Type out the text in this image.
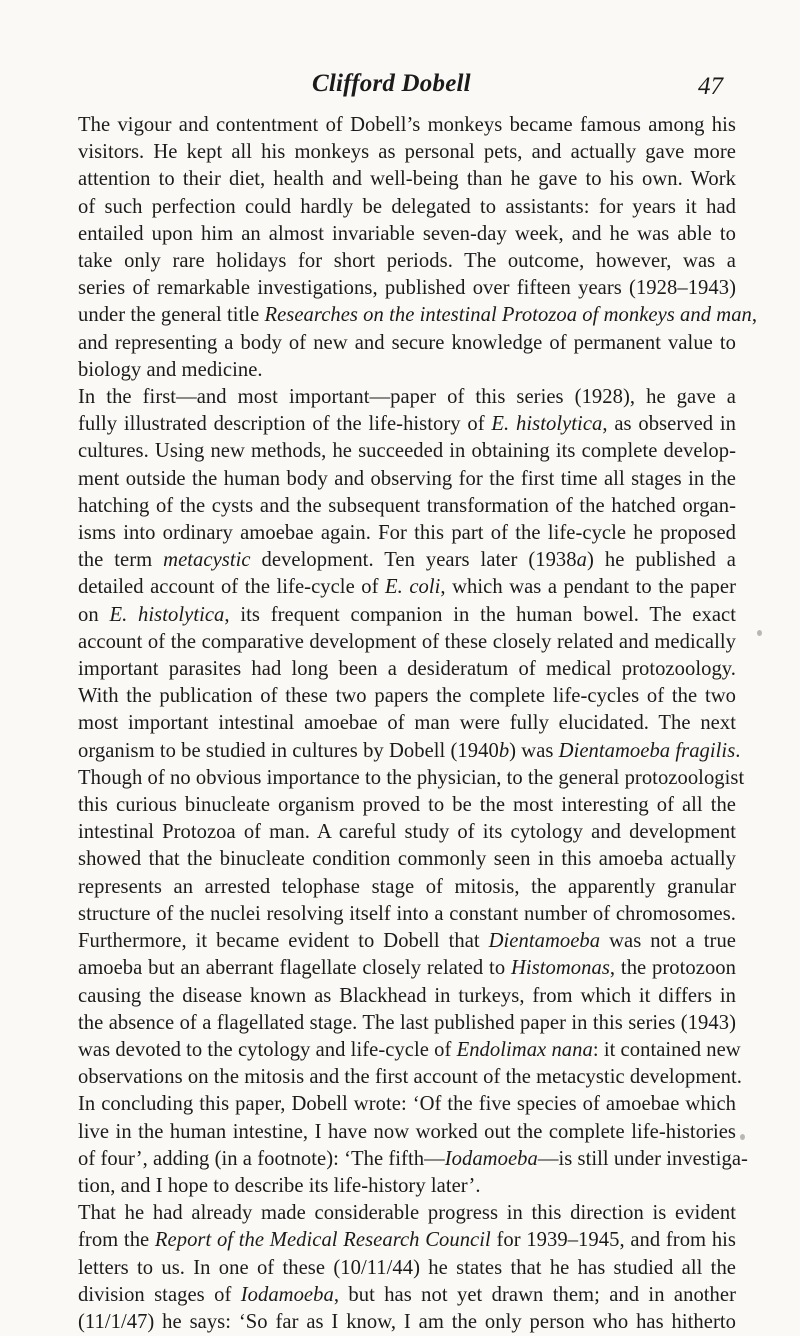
Clifford Dobell	47

The vigour and contentment of Dobell’s monkeys became famous among his
visitors. He kept all his monkeys as personal pets, and actually gave more
attention to their diet, health and well-being than he gave to his own. Work
of such perfection could hardly be delegated to assistants: for years it had
entailed upon him an almost invariable seven-day week, and he was able to
take only rare holidays for short periods. The outcome, however, was a
series of remarkable investigations, published over fifteen years (1928–1943)
under the general title Researches on the intestinal Protozoa of monkeys and man,
and representing a body of new and secure knowledge of permanent value to
biology and medicine.

In the first—and most important—paper of this series (1928), he gave a
fully illustrated description of the life-history of E. histolytica, as observed in
cultures. Using new methods, he succeeded in obtaining its complete develop-
ment outside the human body and observing for the first time all stages in the
hatching of the cysts and the subsequent transformation of the hatched organ-
isms into ordinary amoebae again. For this part of the life-cycle he proposed
the term metacystic development. Ten years later (1938a) he published a
detailed account of the life-cycle of E. coli, which was a pendant to the paper
on E. histolytica, its frequent companion in the human bowel. The exact
account of the comparative development of these closely related and medically
important parasites had long been a desideratum of medical protozoology.
With the publication of these two papers the complete life-cycles of the two
most important intestinal amoebae of man were fully elucidated. The next
organism to be studied in cultures by Dobell (1940b) was Dientamoeba fragilis.
Though of no obvious importance to the physician, to the general protozoologist
this curious binucleate organism proved to be the most interesting of all the
intestinal Protozoa of man. A careful study of its cytology and development
showed that the binucleate condition commonly seen in this amoeba actually
represents an arrested telophase stage of mitosis, the apparently granular
structure of the nuclei resolving itself into a constant number of chromosomes.
Furthermore, it became evident to Dobell that Dientamoeba was not a true
amoeba but an aberrant flagellate closely related to Histomonas, the protozoon
causing the disease known as Blackhead in turkeys, from which it differs in
the absence of a flagellated stage. The last published paper in this series (1943)
was devoted to the cytology and life-cycle of Endolimax nana: it contained new
observations on the mitosis and the first account of the metacystic development.
In concluding this paper, Dobell wrote: ‘Of the five species of amoebae which
live in the human intestine, I have now worked out the complete life-histories
of four’, adding (in a footnote): ‘The fifth—Iodamoeba—is still under investiga-
tion, and I hope to describe its life-history later’.

That he had already made considerable progress in this direction is evident
from the Report of the Medical Research Council for 1939–1945, and from his
letters to us. In one of these (10/11/44) he states that he has studied all the
division stages of Iodamoeba, but has not yet drawn them; and in another
(11/1/47) he says: ‘So far as I know, I am the only person who has hitherto
